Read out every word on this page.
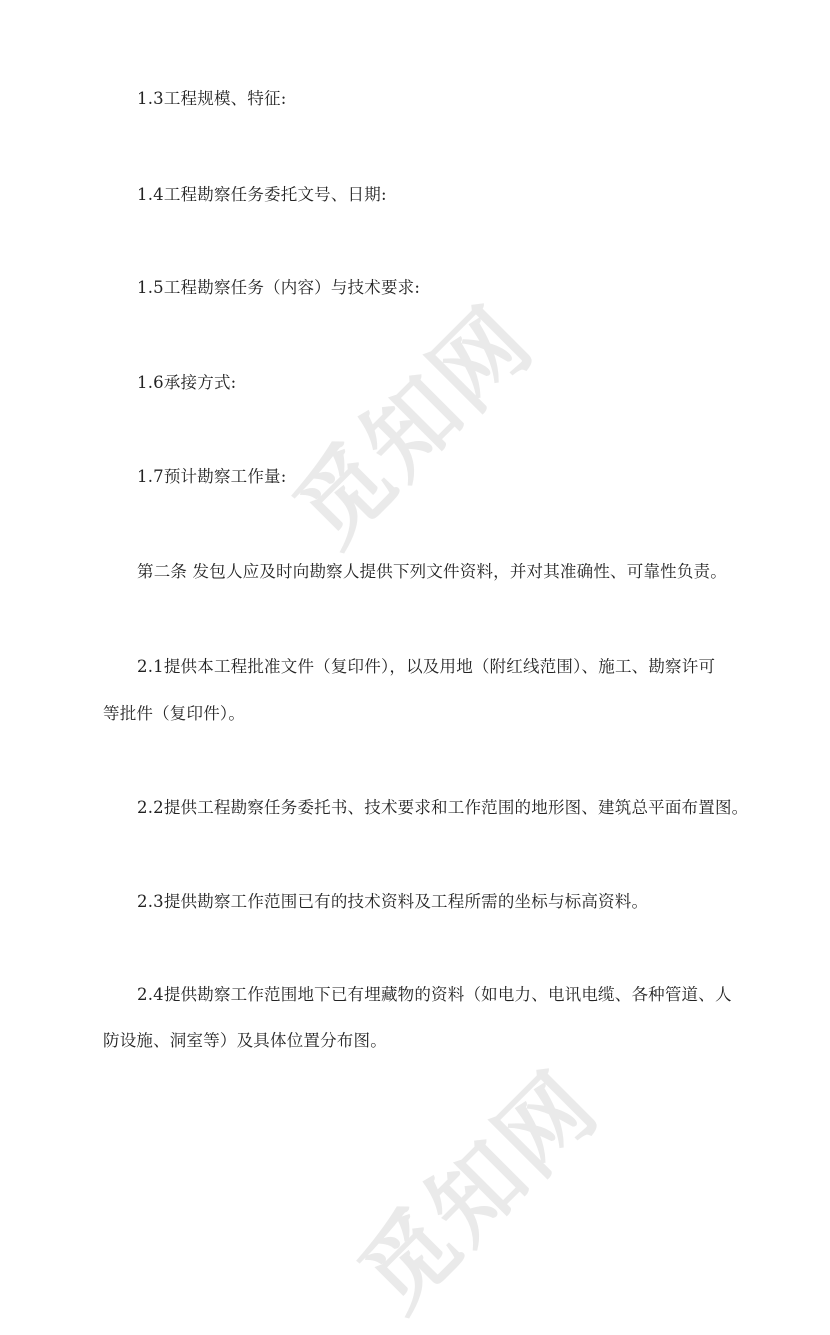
觅知网
觅知网
1.3工程规模、特征:
1.4工程勘察任务委托文号、日期:
1.5工程勘察任务（内容）与技术要求:
1.6承接方式:
1.7预计勘察工作量:
第二条 发包人应及时向勘察人提供下列文件资料，并对其准确性、可靠性负责。
2.1提供本工程批准文件（复印件），以及用地（附红线范围）、施工、勘察许可
等批件（复印件）。
2.2提供工程勘察任务委托书、技术要求和工作范围的地形图、建筑总平面布置图。
2.3提供勘察工作范围已有的技术资料及工程所需的坐标与标高资料。
2.4提供勘察工作范围地下已有埋藏物的资料（如电力、电讯电缆、各种管道、人
防设施、洞室等）及具体位置分布图。
